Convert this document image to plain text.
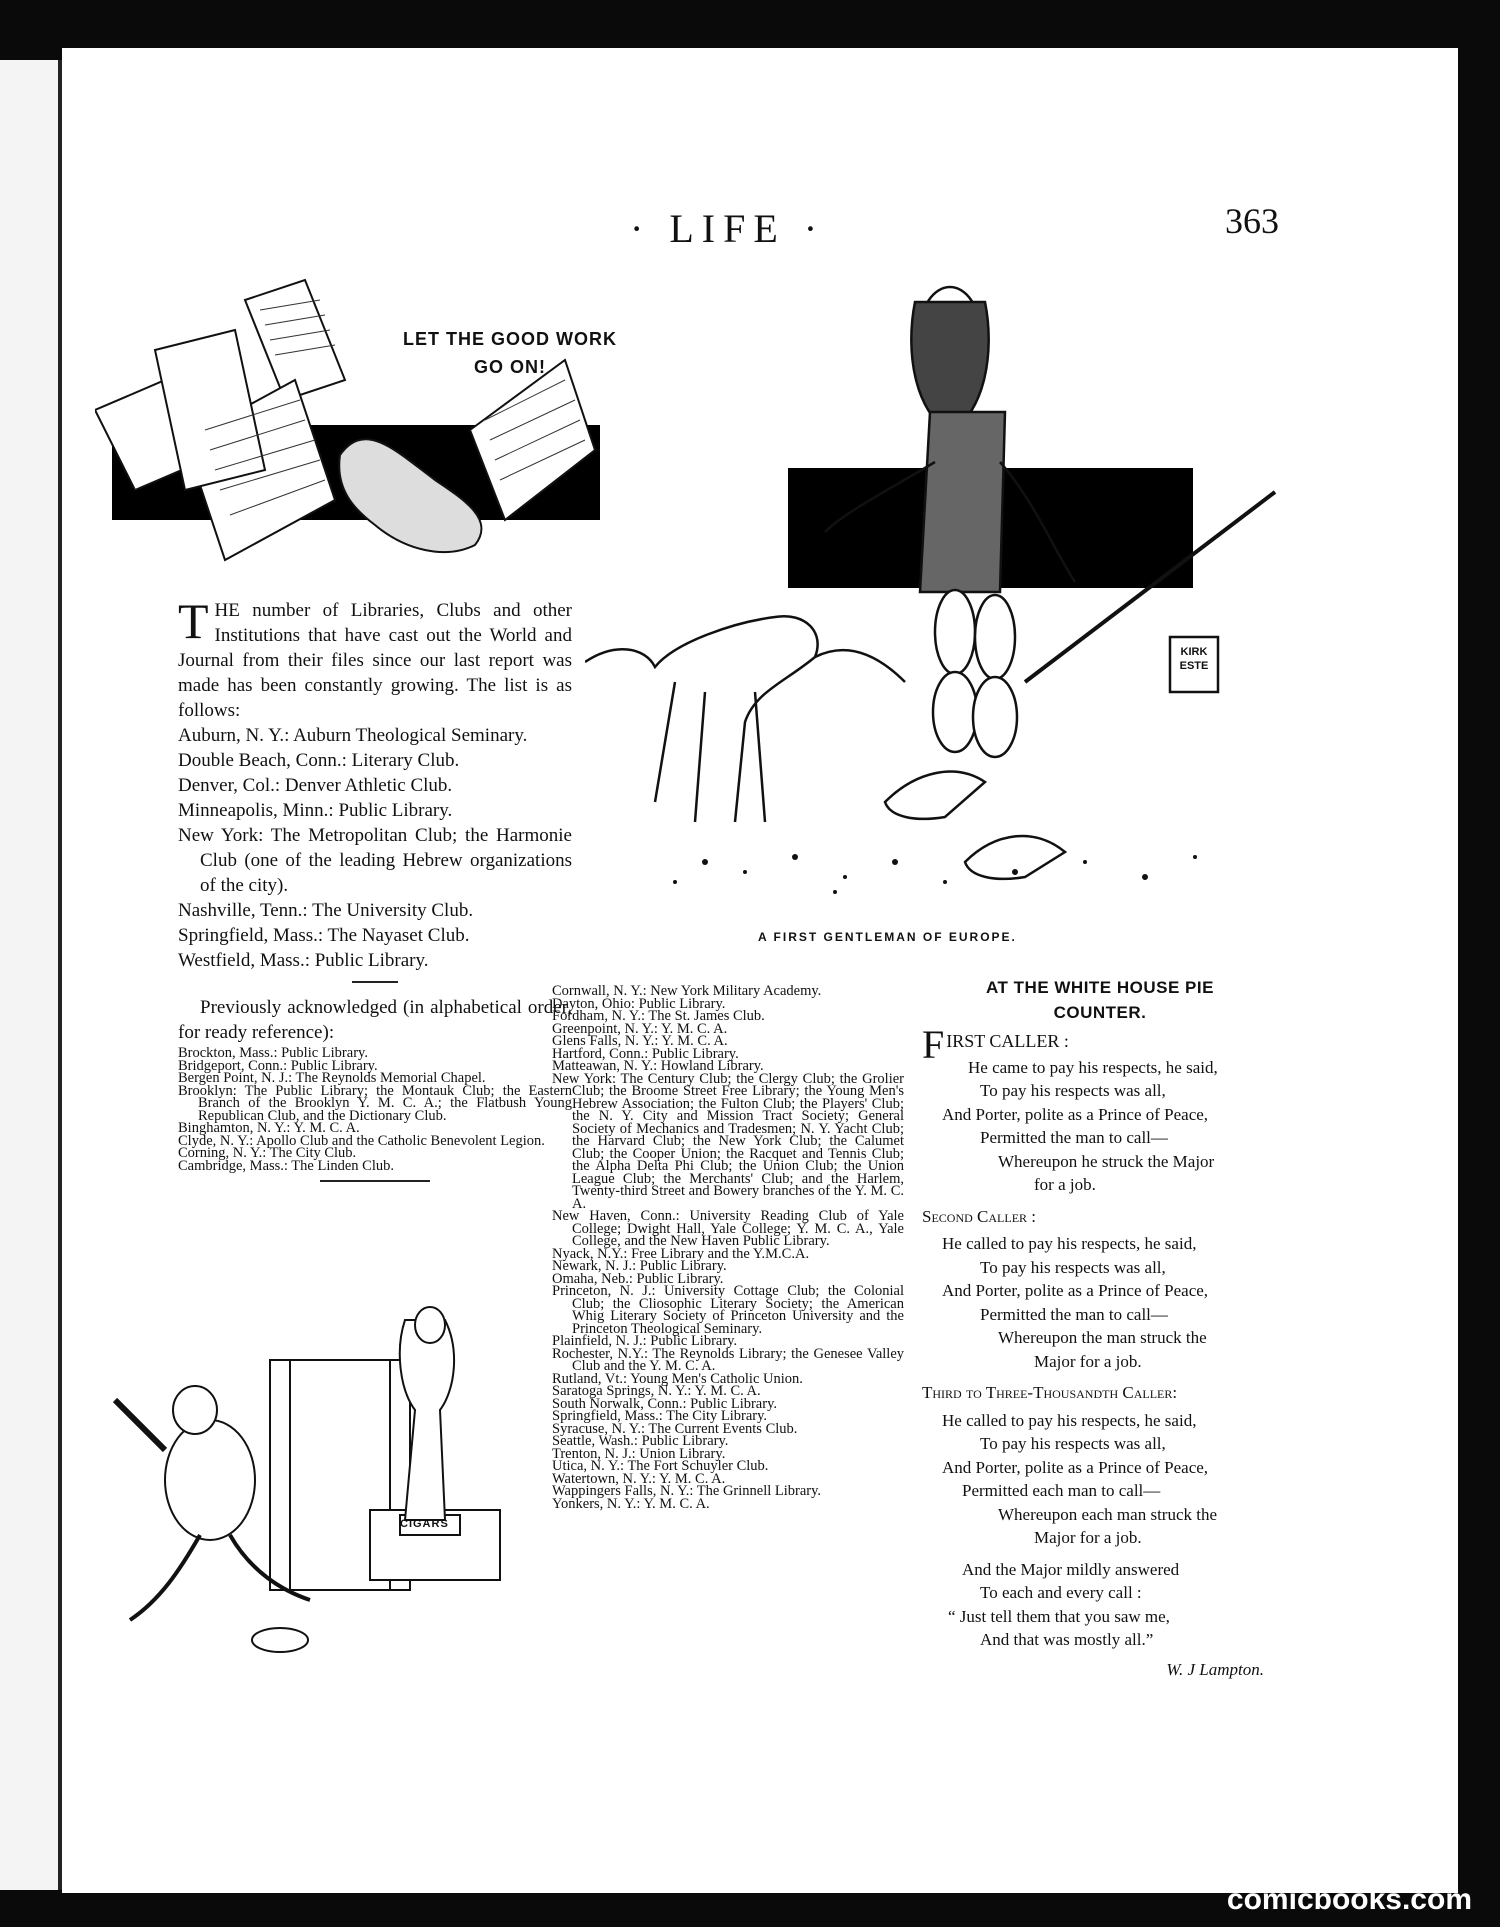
· LIFE ·	363
LET THE GOOD WORK
GO ON!
KIRK ESTE
A FIRST GENTLEMAN OF EUROPE.

THE number of Libraries, Clubs and other Institutions that have cast out the World and Journal from their files since our last report was made has been constantly growing. The list is as follows:

Auburn, N. Y.: Auburn Theological Seminary.

Double Beach, Conn.: Literary Club.

Denver, Col.: Denver Athletic Club.

Minneapolis, Minn.: Public Library.

New York: The Metropolitan Club; the Harmonie Club (one of the leading Hebrew organizations of the city).

Nashville, Tenn.: The University Club.

Springfield, Mass.: The Nayaset Club.

Westfield, Mass.: Public Library.

Previously acknowledged (in alphabetical order, for ready reference):

Brockton, Mass.: Public Library.

Bridgeport, Conn.: Public Library.

Bergen Point, N. J.: The Reynolds Memorial Chapel.

Brooklyn: The Public Library; the Montauk Club; the Eastern Branch of the Brooklyn Y. M. C. A.; the Flatbush Young Republican Club, and the Dictionary Club.

Binghamton, N. Y.: Y. M. C. A.

Clyde, N. Y.: Apollo Club and the Catholic Benevolent Legion.

Corning, N. Y.: The City Club.

Cambridge, Mass.: The Linden Club.

Cornwall, N. Y.: New York Military Academy.

Dayton, Ohio: Public Library.

Fordham, N. Y.: The St. James Club.

Greenpoint, N. Y.: Y. M. C. A.

Glens Falls, N. Y.: Y. M. C. A.

Hartford, Conn.: Public Library.

Matteawan, N. Y.: Howland Library.

New York: The Century Club; the Clergy Club; the Grolier Club; the Broome Street Free Library; the Young Men's Hebrew Association; the Fulton Club; the Players' Club; the N. Y. City and Mission Tract Society; General Society of Mechanics and Tradesmen; N. Y. Yacht Club; the Harvard Club; the New York Club; the Calumet Club; the Cooper Union; the Racquet and Tennis Club; the Alpha Delta Phi Club; the Union Club; the Union League Club; the Merchants' Club; and the Harlem, Twenty-third Street and Bowery branches of the Y. M. C. A.

New Haven, Conn.: University Reading Club of Yale College; Dwight Hall, Yale College; Y. M. C. A., Yale College, and the New Haven Public Library.

Nyack, N.Y.: Free Library and the Y.M.C.A.

Newark, N. J.: Public Library.

Omaha, Neb.: Public Library.

Princeton, N. J.: University Cottage Club; the Colonial Club; the Cliosophic Literary Society; the American Whig Literary Society of Princeton University and the Princeton Theological Seminary.

Plainfield, N. J.: Public Library.

Rochester, N.Y.: The Reynolds Library; the Genesee Valley Club and the Y. M. C. A.

Rutland, Vt.: Young Men's Catholic Union.

Saratoga Springs, N. Y.: Y. M. C. A.

South Norwalk, Conn.: Public Library.

Springfield, Mass.: The City Library.

Syracuse, N. Y.: The Current Events Club.

Seattle, Wash.: Public Library.

Trenton, N. J.: Union Library.

Utica, N. Y.: The Fort Schuyler Club.

Watertown, N. Y.: Y. M. C. A.

Wappingers Falls, N. Y.: The Grinnell Library.

Yonkers, N. Y.: Y. M. C. A.

CIGARS
AT THE WHITE HOUSE PIE
COUNTER.
FIRST CALLER :
He came to pay his respects, he said,
To pay his respects was all,
And Porter, polite as a Prince of Peace,
Permitted the man to call—
Whereupon he struck the Major
for a job.
Second Caller :
He called to pay his respects, he said,
To pay his respects was all,
And Porter, polite as a Prince of Peace,
Permitted the man to call—
Whereupon the man struck the
Major for a job.
Third to Three-Thousandth Caller:
He called to pay his respects, he said,
To pay his respects was all,
And Porter, polite as a Prince of Peace,
Permitted each man to call—
Whereupon each man struck the
Major for a job.
And the Major mildly answered
To each and every call :
“ Just tell them that you saw me,
And that was mostly all.”
W. J Lampton.
comicbooks.com
